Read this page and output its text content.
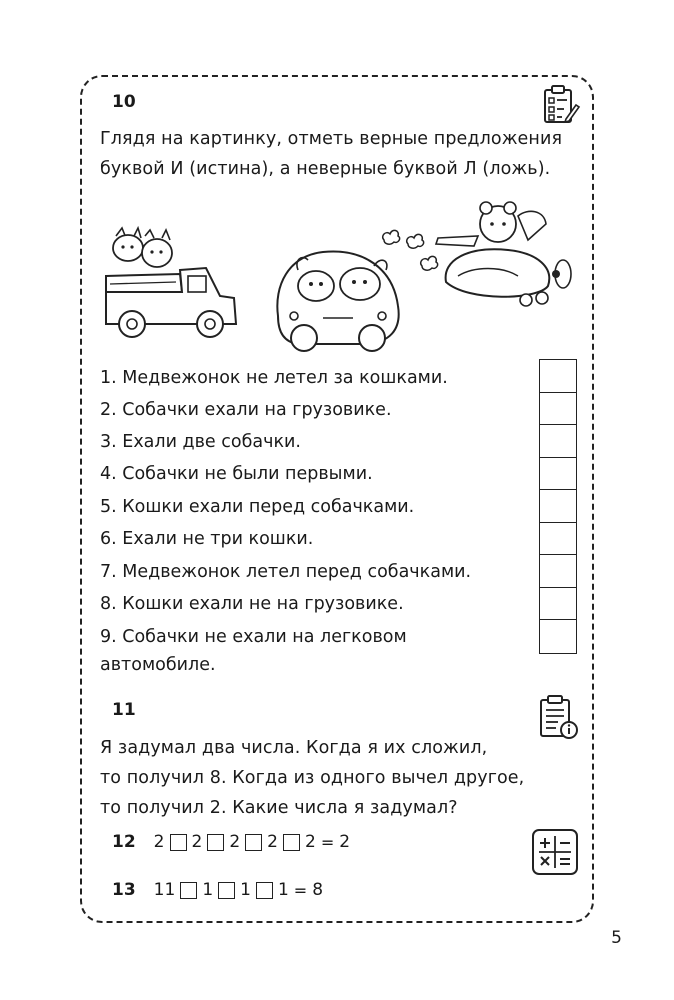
10
Глядя на картинку, отметь верные предложения
буквой И (истина), а неверные буквой Л (ложь).
1. Медвежонок не летел за кошками.
2. Собачки ехали на грузовике.
3. Ехали две собачки.
4. Собачки не были первыми.
5. Кошки ехали перед собачками.
6. Ехали не три кошки.
7. Медвежонок летел перед собачками.
8. Кошки ехали не на грузовике.
9. Собачки не ехали на легковом
автомобиле.
11
Я задумал два числа. Когда я их сложил,
то получил 8. Когда из одного вычел другое,
то получил 2. Какие числа я задумал?
12 2 2 2 2 2 = 2
13 11 1 1 1 = 8
5
